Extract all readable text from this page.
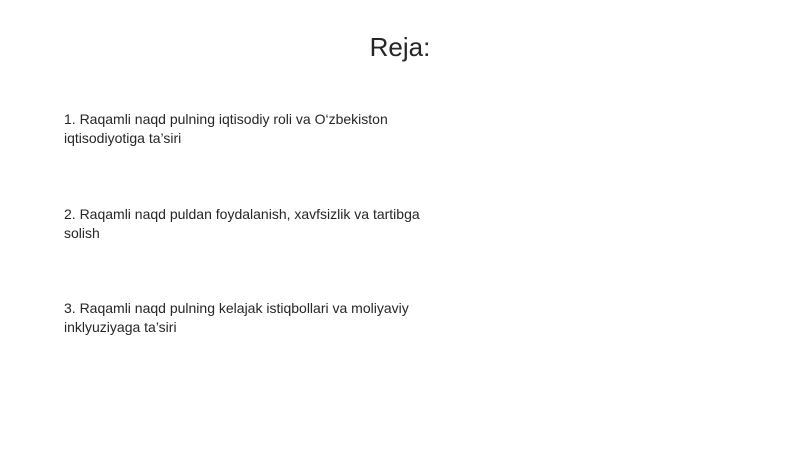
Reja:
1. Raqamli naqd pulning iqtisodiy roli va O‘zbekiston iqtisodiyotiga ta’siri
2. Raqamli naqd puldan foydalanish, xavfsizlik va tartibga solish
3. Raqamli naqd pulning kelajak istiqbollari va moliyaviy inklyuziyaga ta’siri
